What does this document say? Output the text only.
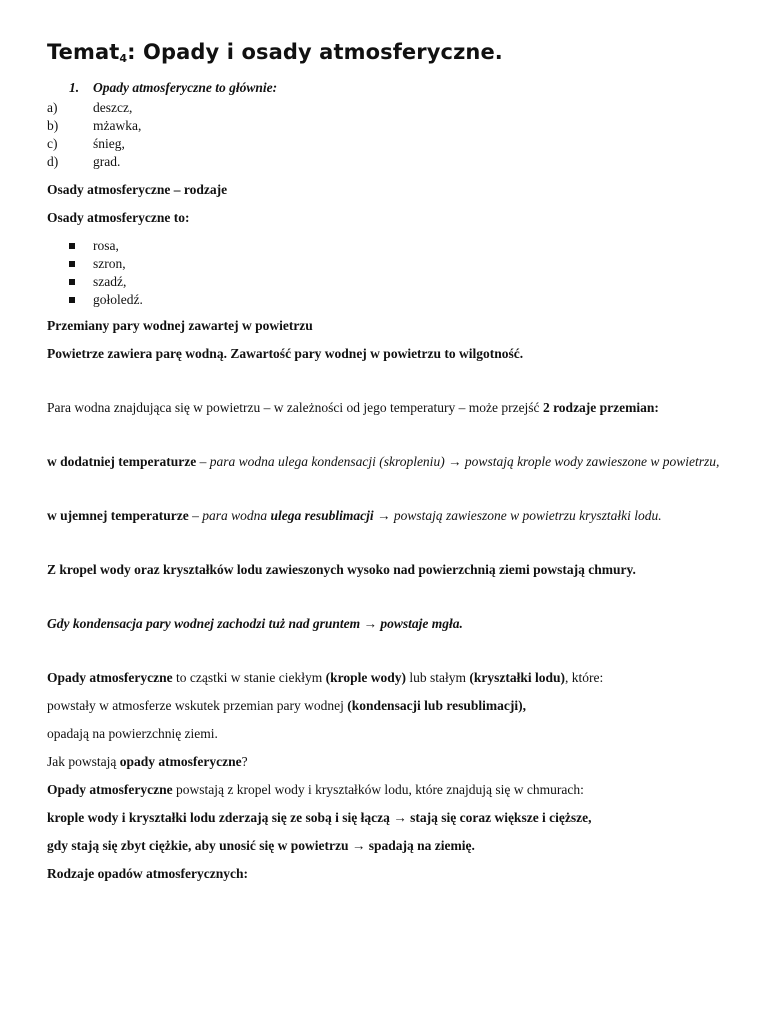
Temat$_4$: Opady i osady atmosferyczne.

1. Opady atmosferyczne to głównie:

a)	deszcz,
b)	mżawka,
c)	śnieg,
d)	grad.

Osady atmosferyczne – rodzaje

Osady atmosferyczne to:

rosa,
szron,
szadź,
gołoledź.

Przemiany pary wodnej zawartej w powietrzu

Powietrze zawiera parę wodną. Zawartość pary wodnej w powietrzu to wilgotność.

Para wodna znajdująca się w powietrzu – w zależności od jego temperatury – może przejść 2 rodzaje przemian:

w dodatniej temperaturze – para wodna ulega kondensacji (skropleniu) → powstają krople wody zawieszone w powietrzu,

w ujemnej temperaturze – para wodna ulega resublimacji → powstają zawieszone w powietrzu kryształki lodu.

Z kropel wody oraz kryształków lodu zawieszonych wysoko nad powierzchnią ziemi powstają chmury.

Gdy kondensacja pary wodnej zachodzi tuż nad gruntem → powstaje mgła.

Opady atmosferyczne to cząstki w stanie ciekłym (krople wody) lub stałym (kryształki lodu), które:

powstały w atmosferze wskutek przemian pary wodnej (kondensacji lub resublimacji),

opadają na powierzchnię ziemi.

Jak powstają opady atmosferyczne?

Opady atmosferyczne powstają z kropel wody i kryształków lodu, które znajdują się w chmurach:

krople wody i kryształki lodu zderzają się ze sobą i się łączą → stają się coraz większe i cięższe,

gdy stają się zbyt ciężkie, aby unosić się w powietrzu → spadają na ziemię.

Rodzaje opadów atmosferycznych:
